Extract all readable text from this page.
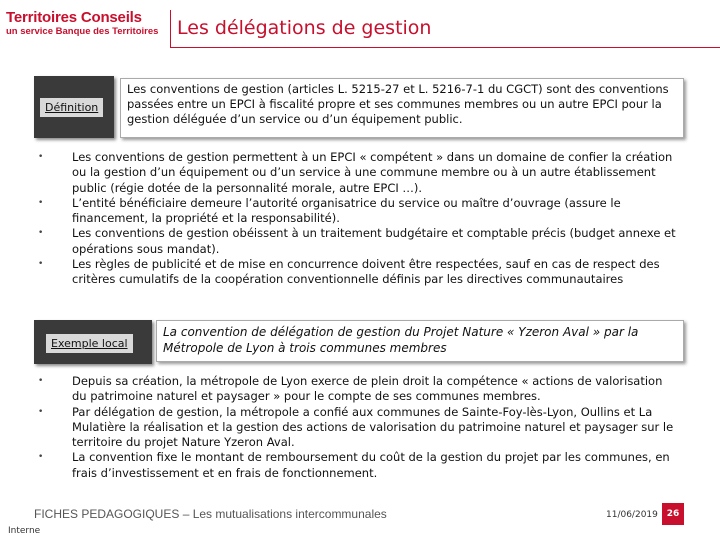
Territoires Conseils
un service Banque des Territoires Les délégations de gestion
Définition
Les conventions de gestion (articles L. 5215-27 et L. 5216-7-1 du CGCT) sont des conventions passées entre un EPCI à fiscalité propre et ses communes membres ou un autre EPCI pour la gestion déléguée d’un service ou d’un équipement public.
• Les conventions de gestion permettent à un EPCI « compétent » dans un domaine de confier la création ou la gestion d’un équipement ou d’un service à une commune membre ou à un autre établissement public (régie dotée de la personnalité morale, autre EPCI …).
• L’entité bénéficiaire demeure l’autorité organisatrice du service ou maître d’ouvrage (assure le financement, la propriété et la responsabilité).
• Les conventions de gestion obéissent à un traitement budgétaire et comptable précis (budget annexe et opérations sous mandat).
• Les règles de publicité et de mise en concurrence doivent être respectées, sauf en cas de respect des critères cumulatifs de la coopération conventionnelle définis par les directives communautaires
Exemple local
La convention de délégation de gestion du Projet Nature « Yzeron Aval » par la Métropole de Lyon à trois communes membres
• Depuis sa création, la métropole de Lyon exerce de plein droit la compétence « actions de valorisation du patrimoine naturel et paysager » pour le compte de ses communes membres.
• Par délégation de gestion, la métropole a confié aux communes de Sainte-Foy-lès-Lyon, Oullins et La Mulatière la réalisation et la gestion des actions de valorisation du patrimoine naturel et paysager sur le territoire du projet Nature Yzeron Aval.
• La convention fixe le montant de remboursement du coût de la gestion du projet par les communes, en frais d’investissement et en frais de fonctionnement.
FICHES PEDAGOGIQUES – Les mutualisations intercommunales	11/06/2019 26
Interne
